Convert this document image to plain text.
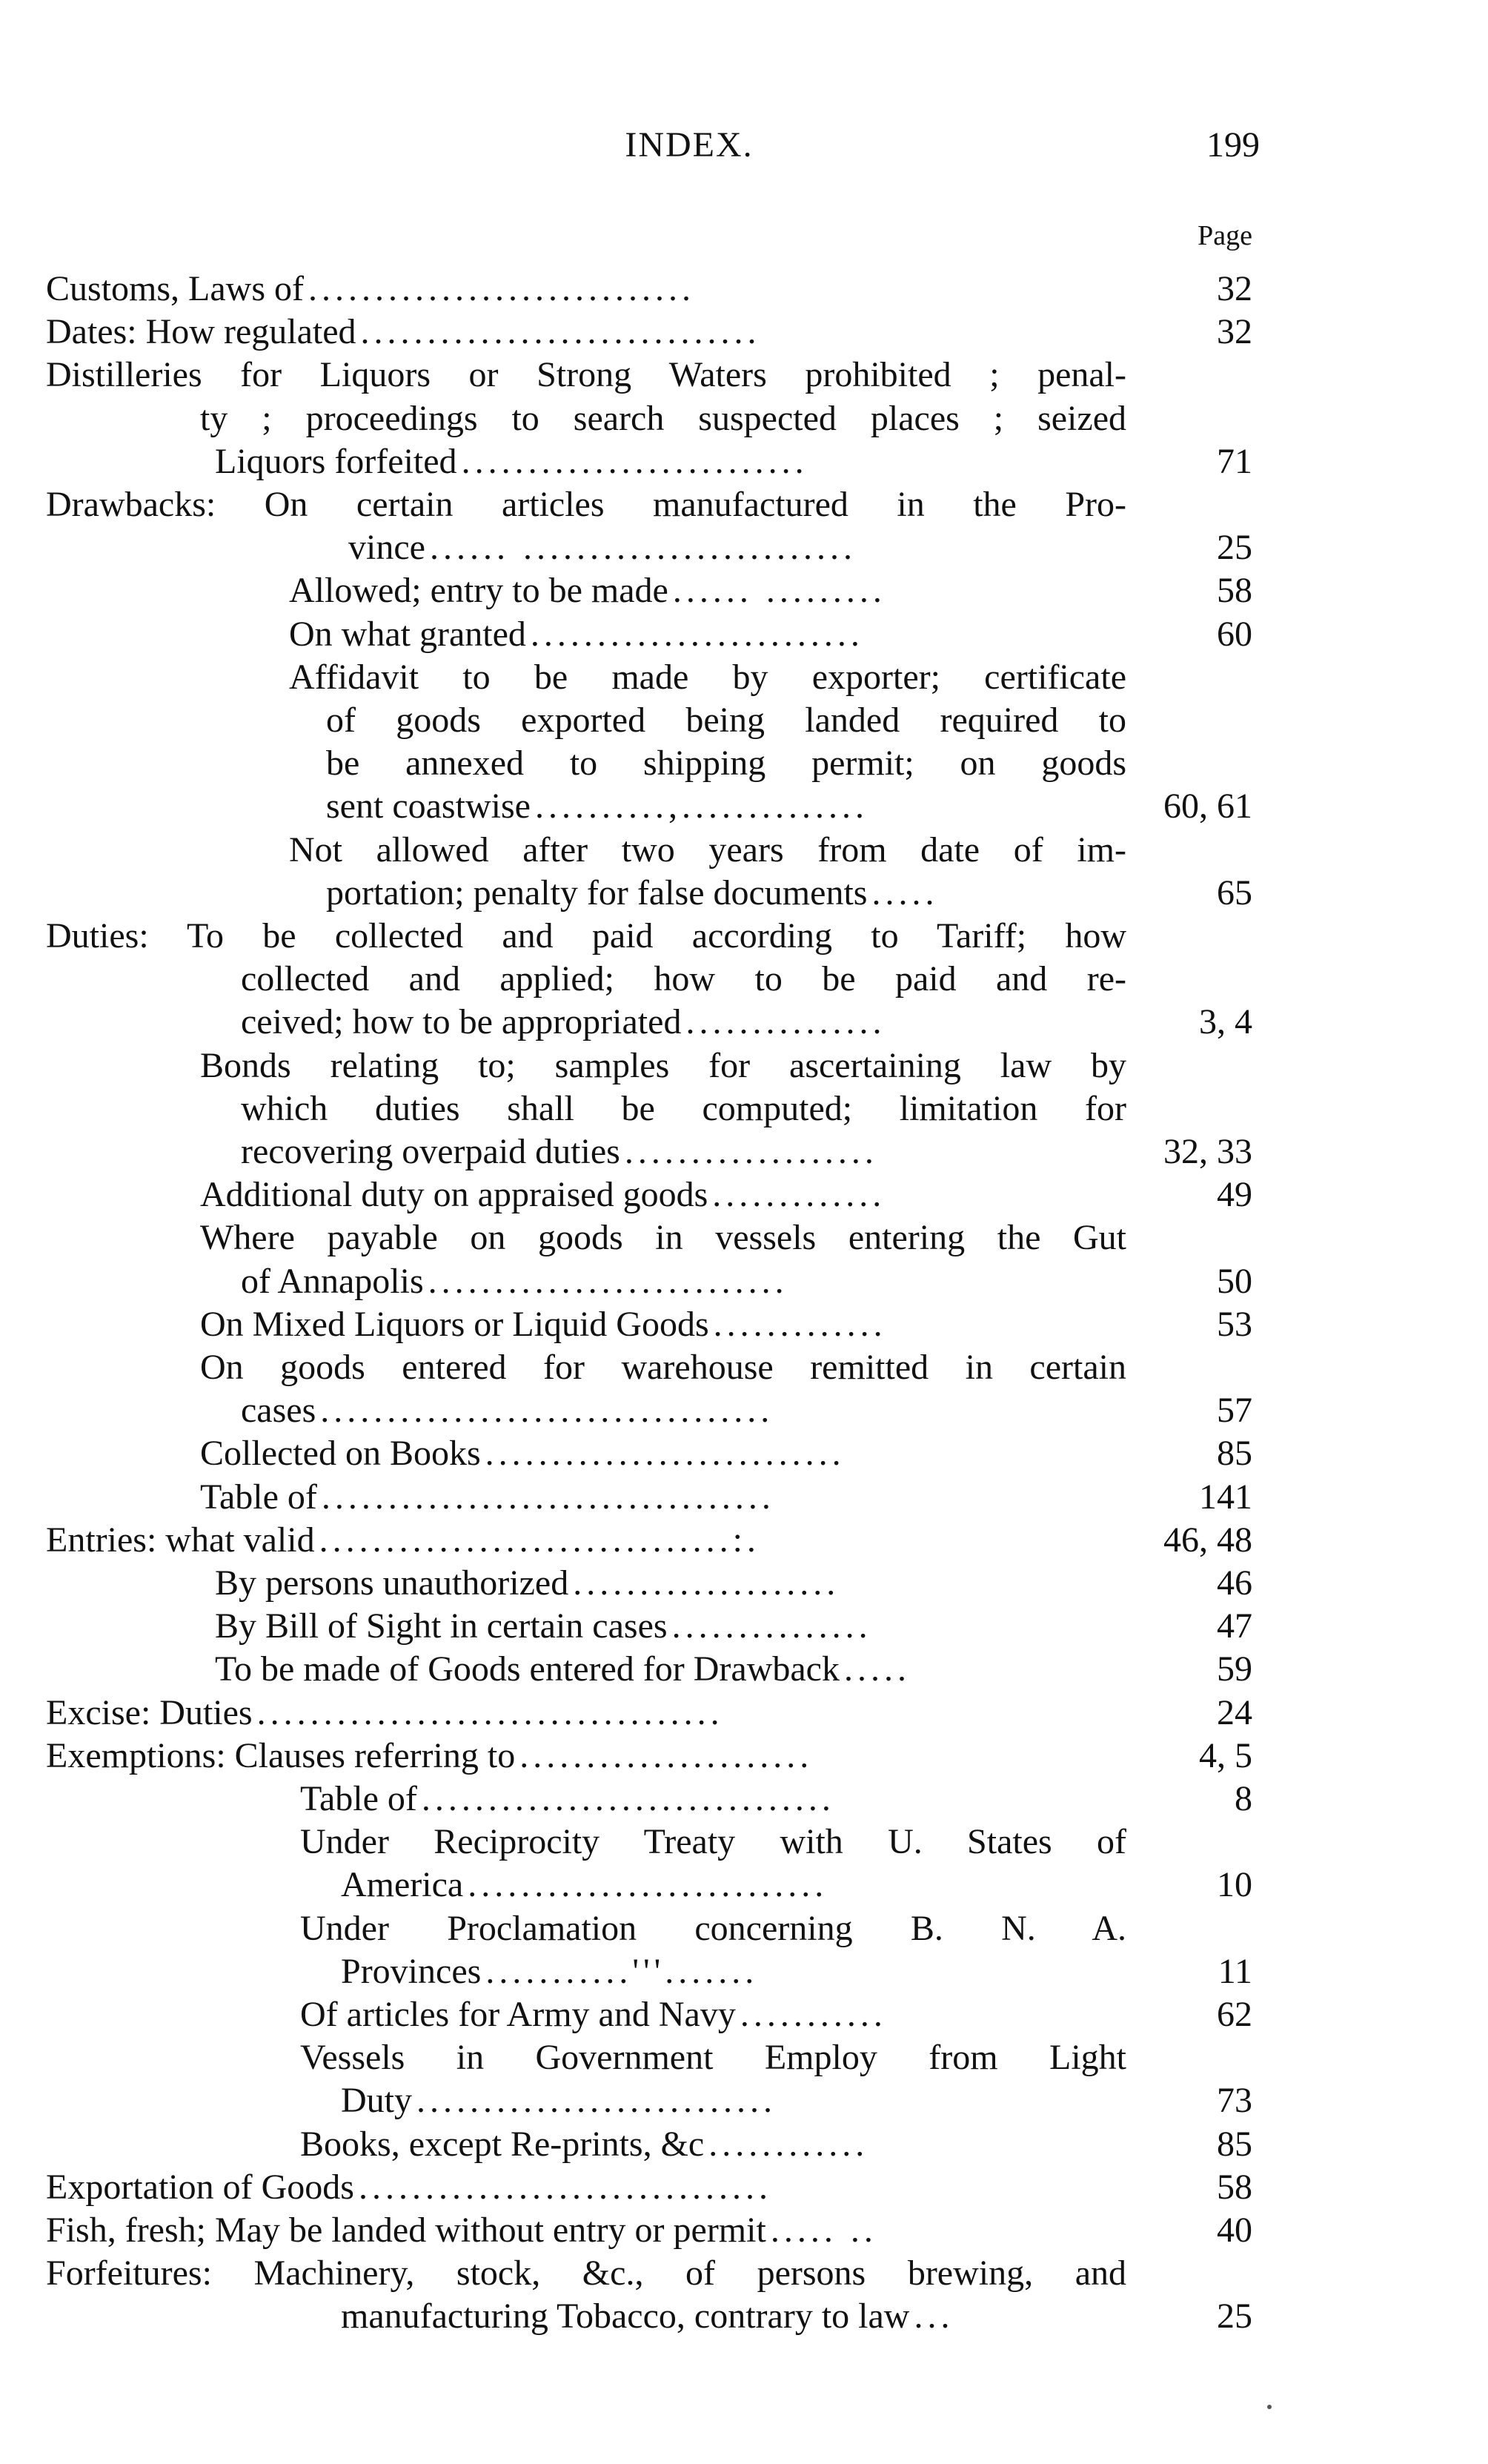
INDEX.	199
Page
Customs, Laws of .............................	32
Dates: How regulated ..............................	32
Distilleries for Liquors or Strong Waters prohibited ; penal-
ty ; proceedings to search suspected places ; seized
Liquors forfeited ..........................	71
Drawbacks: On certain articles manufactured in the Pro-
vince ...... .........................	25
Allowed; entry to be made ...... .........	58
On what granted .........................	60
Affidavit to be made by exporter; certificate
of goods exported being landed required to
be annexed to shipping permit; on goods
sent coastwise ..........,..............	60, 61
Not allowed after two years from date of im-
portation; penalty for false documents .....	65
Duties: To be collected and paid according to Tariff; how
collected and applied; how to be paid and re-
ceived; how to be appropriated ...............	3, 4
Bonds relating to; samples for ascertaining law by
which duties shall be computed; limitation for
recovering overpaid duties ...................	32, 33
Additional duty on appraised goods .............	49
Where payable on goods in vessels entering the Gut
of Annapolis ...........................	50
On Mixed Liquors or Liquid Goods .............	53
On goods entered for warehouse remitted in certain
cases ..................................	57
Collected on Books ...........................	85
Table of ..................................	141
Entries: what valid ...............................:.	46, 48
By persons unauthorized ....................	46
By Bill of Sight in certain cases ...............	47
To be made of Goods entered for Drawback .....	59
Excise: Duties ...................................	24
Exemptions: Clauses referring to ......................	4, 5
Table of ...............................	8
Under Reciprocity Treaty with U. States of
America ...........................	10
Under Proclamation concerning B. N. A.
Provinces ...........'''.......	11
Of articles for Army and Navy ...........	62
Vessels in Government Employ from Light
Duty ...........................	73
Books, except Re-prints, &c ............	85
Exportation of Goods ...............................	58
Fish, fresh; May be landed without entry or permit ..... ..	40
Forfeitures: Machinery, stock, &c., of persons brewing, and
manufacturing Tobacco, contrary to law ...	25
